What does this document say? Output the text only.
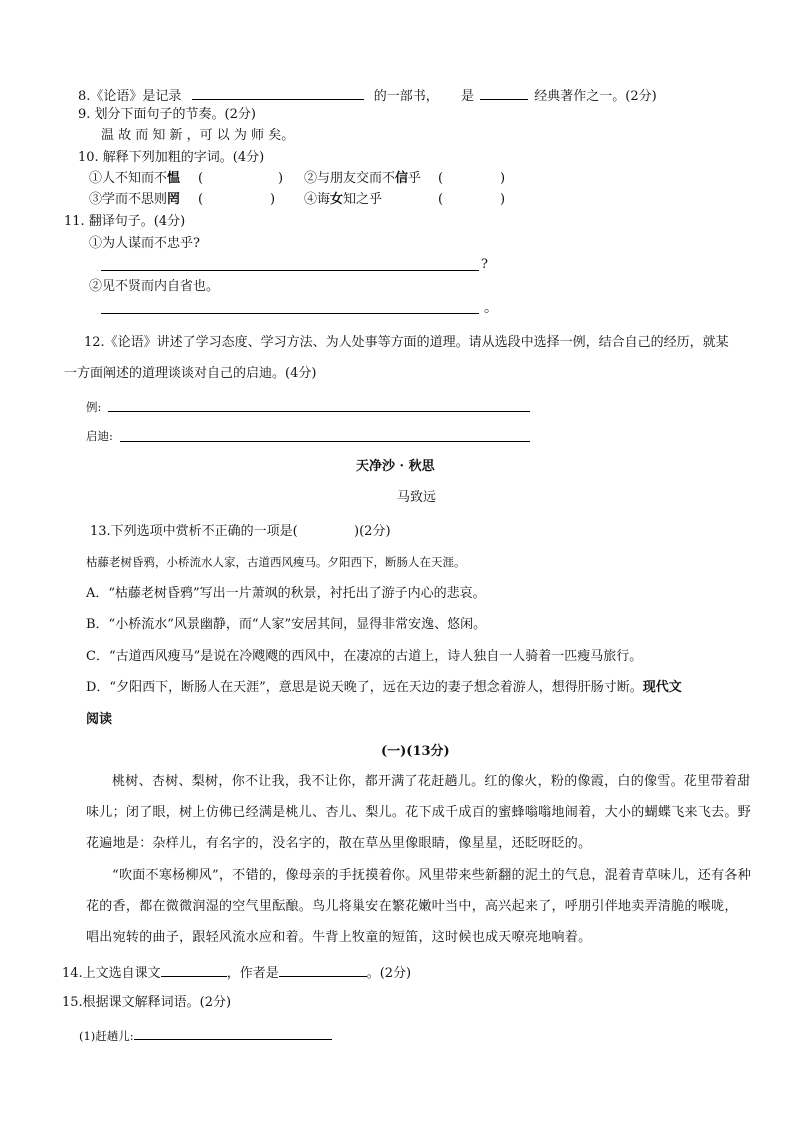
8.《论语》是记录	的一部书， 是	经典著作之一。(2分)
9. 划分下面句子的节奏。(2分)
温 故 而 知 新 ，可 以 为 师 矣。
10. 解释下列加粗的字词。(4分)
①人不知而不愠 (	) ②与朋友交而不信乎 (	)
③学而不思则罔 (	) ④诲女知之乎	(	)
11. 翻译句子。(4分)
①为人谋而不忠乎?
?
②见不贤而内自省也。
。
12.《论语》讲述了学习态度、学习方法、为人处事等方面的道理。请从选段中选择一例，结合自己的经历，就某
一方面阐述的道理谈谈对自己的启迪。(4分)
例:
启迪:
天净沙 · 秋思
马致远
13.下列选项中赏析不正确的一项是(	)(2分)
枯藤老树昏鸦，小桥流水人家，古道西风瘦马。夕阳西下，断肠人在天涯。
A．“枯藤老树昏鸦”写出一片萧飒的秋景，衬托出了游子内心的悲哀。
B．“小桥流水”风景幽静，而“人家”安居其间，显得非常安逸、悠闲。
C．“古道西风瘦马”是说在冷飕飕的西风中，在凄凉的古道上，诗人独自一人骑着一匹瘦马旅行。
D．“夕阳西下，断肠人在天涯”，意思是说天晚了，远在天边的妻子想念着游人，想得肝肠寸断。现代文
阅读
(一)(13分)
桃树、杏树、梨树，你不让我，我不让你，都开满了花赶趟儿。红的像火，粉的像霞，白的像雪。花里带着甜味儿；闭了眼，树上仿佛已经满是桃儿、杏儿、梨儿。花下成千成百的蜜蜂嗡嗡地闹着，大小的蝴蝶飞来飞去。野花遍地是：杂样儿，有名字的，没名字的，散在草丛里像眼睛，像星星，还眨呀眨的。
“吹面不寒杨柳风”，不错的，像母亲的手抚摸着你。风里带来些新翻的泥土的气息，混着青草味儿，还有各种花的香，都在微微润湿的空气里酝酿。鸟儿将巢安在繁花嫩叶当中，高兴起来了，呼朋引伴地卖弄清脆的喉咙，　　唱出宛转的曲子，跟轻风流水应和着。牛背上牧童的短笛，这时候也成天嘹亮地响着。
14.上文选自课文	，作者是	。(2分)
15.根据课文解释词语。(2分)
(1)赶趟儿:
